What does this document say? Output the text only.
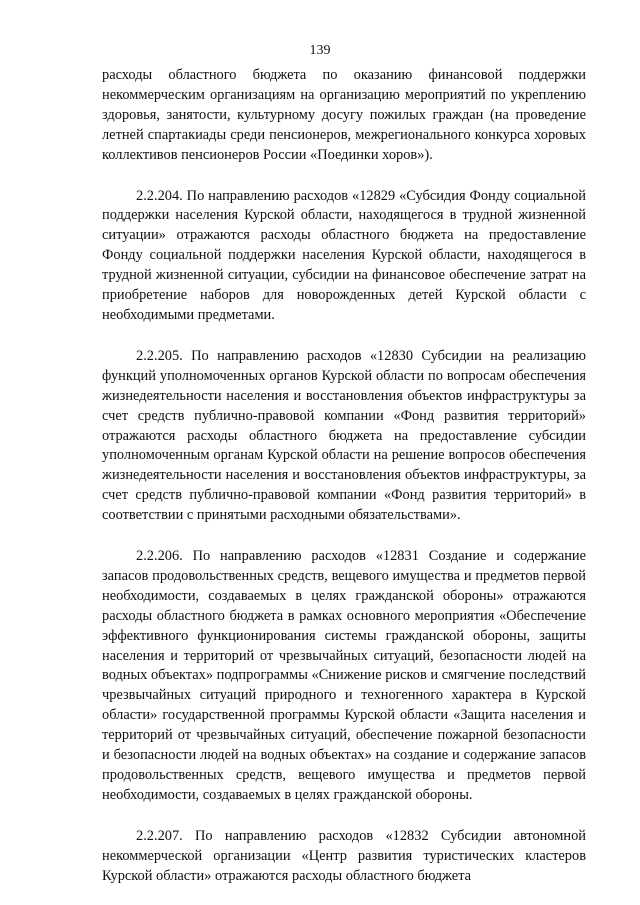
139

расходы областного бюджета по оказанию финансовой поддержки некоммерческим организациям на организацию мероприятий по укреплению здоровья, занятости, культурному досугу пожилых граждан (на проведение летней спартакиады среди пенсионеров, межрегионального конкурса хоровых коллективов пенсионеров России «Поединки хоров»).

2.2.204. По направлению расходов «12829 «Субсидия Фонду социальной поддержки населения Курской области, находящегося в трудной жизненной ситуации» отражаются расходы областного бюджета на предоставление Фонду социальной поддержки населения Курской области, находящегося в трудной жизненной ситуации, субсидии на финансовое обеспечение затрат на приобретение наборов для новорожденных детей Курской области с необходимыми предметами.

2.2.205. По направлению расходов «12830 Субсидии на реализацию функций уполномоченных органов Курской области по вопросам обеспечения жизнедеятельности населения и восстановления объектов инфраструктуры за счет средств публично-правовой компании «Фонд развития территорий» отражаются расходы областного бюджета на предоставление субсидии уполномоченным органам Курской области на решение вопросов обеспечения жизнедеятельности населения и восстановления объектов инфраструктуры, за счет средств публично-правовой компании «Фонд развития территорий» в соответствии с принятыми расходными обязательствами».

2.2.206. По направлению расходов «12831 Создание и содержание запасов продовольственных средств, вещевого имущества и предметов первой необходимости, создаваемых в целях гражданской обороны» отражаются расходы областного бюджета в рамках основного мероприятия «Обеспечение эффективного функционирования системы гражданской обороны, защиты населения и территорий от чрезвычайных ситуаций, безопасности людей на водных объектах» подпрограммы «Снижение рисков и смягчение последствий чрезвычайных ситуаций природного и техногенного характера в Курской области» государственной программы Курской области «Защита населения и территорий от чрезвычайных ситуаций, обеспечение пожарной безопасности и безопасности людей на водных объектах» на создание и содержание запасов продовольственных средств, вещевого имущества и предметов первой необходимости, создаваемых в целях гражданской обороны.

2.2.207. По направлению расходов «12832 Субсидии автономной некоммерческой организации «Центр развития туристических кластеров Курской области» отражаются расходы областного бюджета
